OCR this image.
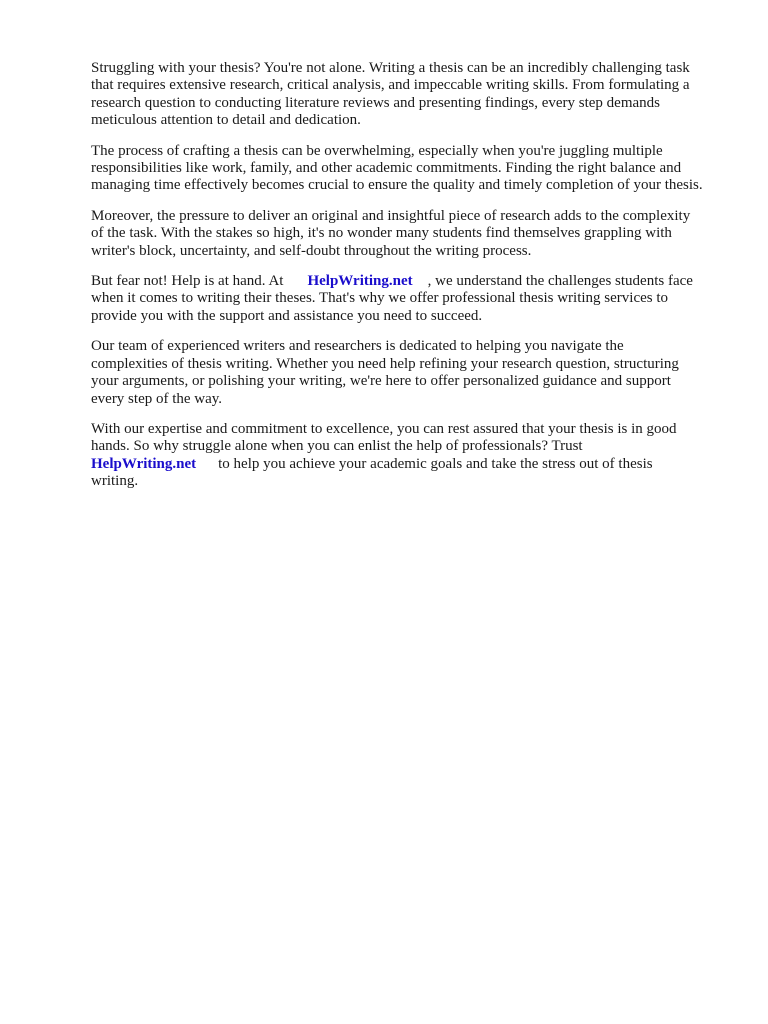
Struggling with your thesis? You're not alone. Writing a thesis can be an incredibly challenging task
that requires extensive research, critical analysis, and impeccable writing skills. From formulating a
research question to conducting literature reviews and presenting findings, every step demands
meticulous attention to detail and dedication.

The process of crafting a thesis can be overwhelming, especially when you're juggling multiple
responsibilities like work, family, and other academic commitments. Finding the right balance and
managing time effectively becomes crucial to ensure the quality and timely completion of your thesis.

Moreover, the pressure to deliver an original and insightful piece of research adds to the complexity
of the task. With the stakes so high, it's no wonder many students find themselves grappling with
writer's block, uncertainty, and self-doubt throughout the writing process.

But fear not! Help is at hand. At HelpWriting.net , we understand the challenges students face
when it comes to writing their theses. That's why we offer professional thesis writing services to
provide you with the support and assistance you need to succeed.

Our team of experienced writers and researchers is dedicated to helping you navigate the
complexities of thesis writing. Whether you need help refining your research question, structuring
your arguments, or polishing your writing, we're here to offer personalized guidance and support
every step of the way.

With our expertise and commitment to excellence, you can rest assured that your thesis is in good
hands. So why struggle alone when you can enlist the help of professionals? Trust
HelpWriting.net to help you achieve your academic goals and take the stress out of thesis
writing.
